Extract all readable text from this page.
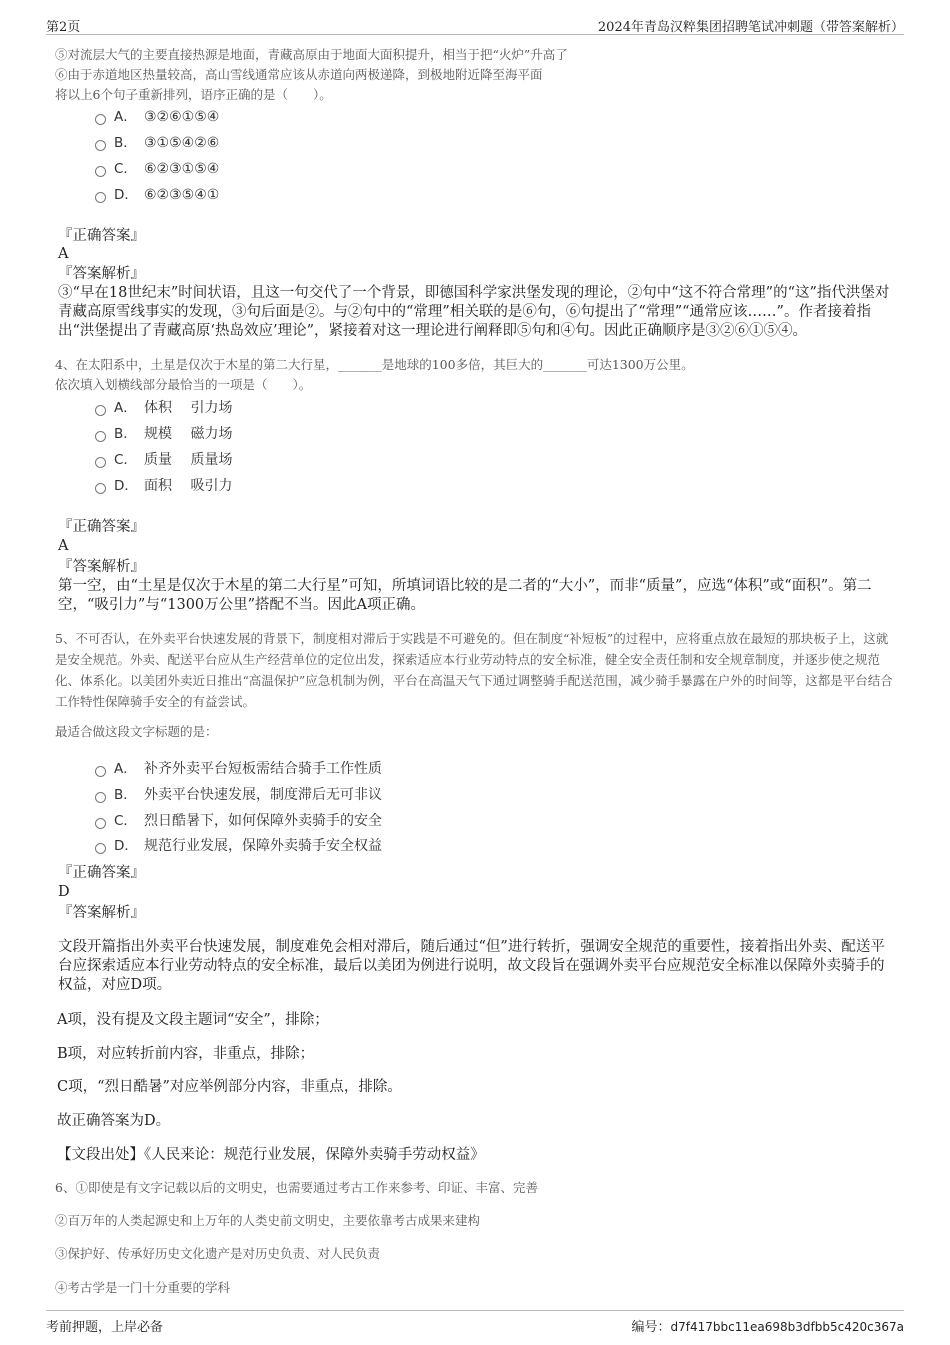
第2页	2024年青岛汉粹集团招聘笔试冲刺题（带答案解析）
⑤对流层大气的主要直接热源是地面，青藏高原由于地面大面积提升，相当于把“火炉”升高了
⑥由于赤道地区热量较高，高山雪线通常应该从赤道向两极递降，到极地附近降至海平面
将以上6个句子重新排列，语序正确的是（　　）。
A． ③②⑥①⑤④
B． ③①⑤④②⑥
C． ⑥②③①⑤④
D． ⑥②③⑤④①
『正确答案』
A
『答案解析』
③“早在18世纪末”时间状语，且这一句交代了一个背景，即德国科学家洪堡发现的理论，②句中“这不符合常理”的“这”指代洪堡对青藏高原雪线事实的发现，③句后面是②。与②句中的“常理”相关联的是⑥句，⑥句提出了“常理”“通常应该……”。作者接着指出“洪堡提出了青藏高原‘热岛效应’理论”，紧接着对这一理论进行阐释即⑤句和④句。因此正确顺序是③②⑥①⑤④。
4、在太阳系中，土星是仅次于木星的第二大行星，_______是地球的100多倍，其巨大的_______可达1300万公里。
依次填入划横线部分最恰当的一项是（　　）。
A． 体积　 引力场
B． 规模　 磁力场
C． 质量　 质量场
D． 面积　 吸引力
『正确答案』
A
『答案解析』
第一空，由“土星是仅次于木星的第二大行星”可知，所填词语比较的是二者的“大小”，而非“质量”，应选“体积”或“面积”。第二空，“吸引力”与“1300万公里”搭配不当。因此A项正确。
5、不可否认，在外卖平台快速发展的背景下，制度相对滞后于实践是不可避免的。但在制度“补短板”的过程中，应将重点放在最短的那块板子上，这就是安全规范。外卖、配送平台应从生产经营单位的定位出发，探索适应本行业劳动特点的安全标准，健全安全责任制和安全规章制度，并逐步使之规范化、体系化。以美团外卖近日推出“高温保护”应急机制为例，平台在高温天气下通过调整骑手配送范围，减少骑手暴露在户外的时间等，这都是平台结合工作特性保障骑手安全的有益尝试。
最适合做这段文字标题的是：
A． 补齐外卖平台短板需结合骑手工作性质
B． 外卖平台快速发展，制度滞后无可非议
C． 烈日酷暑下，如何保障外卖骑手的安全
D． 规范行业发展，保障外卖骑手安全权益
『正确答案』
D
『答案解析』
文段开篇指出外卖平台快速发展，制度难免会相对滞后，随后通过“但”进行转折，强调安全规范的重要性，接着指出外卖、配送平台应探索适应本行业劳动特点的安全标准，最后以美团为例进行说明，故文段旨在强调外卖平台应规范安全标准以保障外卖骑手的权益，对应D项。
A项，没有提及文段主题词“安全”，排除；
B项，对应转折前内容，非重点，排除；
C项，“烈日酷暑”对应举例部分内容，非重点，排除。
故正确答案为D。
【文段出处】《人民来论：规范行业发展，保障外卖骑手劳动权益》
6、①即使是有文字记载以后的文明史，也需要通过考古工作来参考、印证、丰富、完善
②百万年的人类起源史和上万年的人类史前文明史，主要依靠考古成果来建构
③保护好、传承好历史文化遗产是对历史负责、对人民负责
④考古学是一门十分重要的学科
考前押题，上岸必备	编号：d7f417bbc11ea698b3dfbb5c420c367a
